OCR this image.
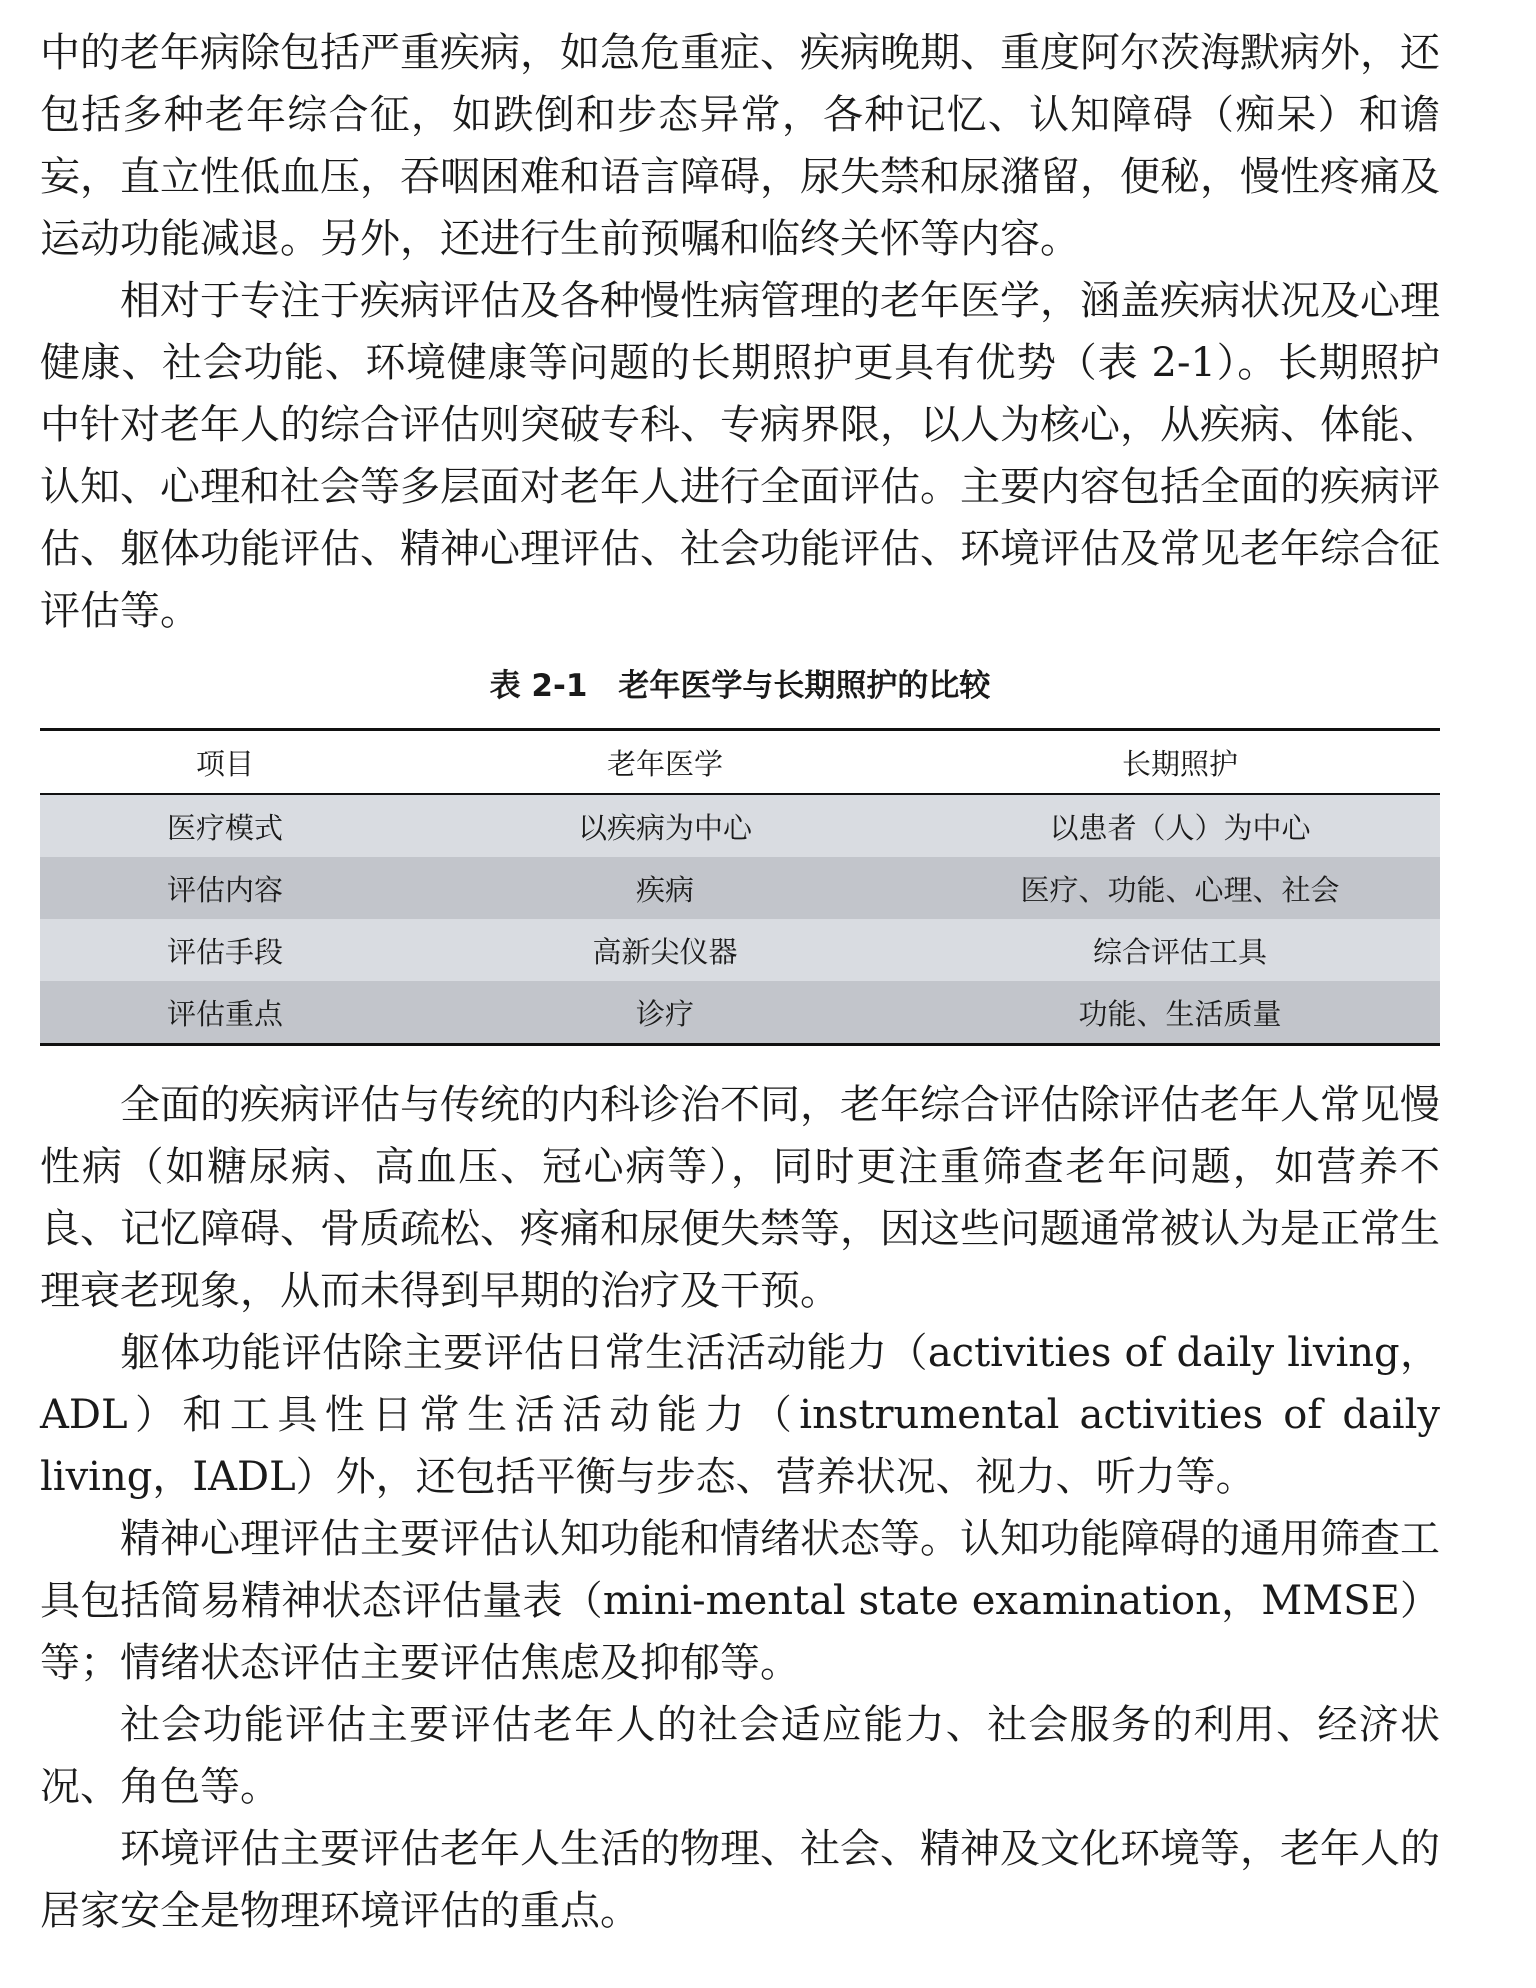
中的老年病除包括严重疾病，如急危重症、疾病晚期、重度阿尔茨海默病外，还包括多种老年综合征，如跌倒和步态异常，各种记忆、认知障碍（痴呆）和谵妄，直立性低血压，吞咽困难和语言障碍，尿失禁和尿潴留，便秘，慢性疼痛及运动功能减退。另外，还进行生前预嘱和临终关怀等内容。

相对于专注于疾病评估及各种慢性病管理的老年医学，涵盖疾病状况及心理健康、社会功能、环境健康等问题的长期照护更具有优势（表 2-1）。长期照护中针对老年人的综合评估则突破专科、专病界限，以人为核心，从疾病、体能、认知、心理和社会等多层面对老年人进行全面评估。主要内容包括全面的疾病评估、躯体功能评估、精神心理评估、社会功能评估、环境评估及常见老年综合征评估等。

表 2-1　老年医学与长期照护的比较

项目	老年医学	长期照护
医疗模式	以疾病为中心	以患者（人）为中心
评估内容	疾病	医疗、功能、心理、社会
评估手段	高新尖仪器	综合评估工具
评估重点	诊疗	功能、生活质量

全面的疾病评估与传统的内科诊治不同，老年综合评估除评估老年人常见慢性病（如糖尿病、高血压、冠心病等），同时更注重筛查老年问题，如营养不良、记忆障碍、骨质疏松、疼痛和尿便失禁等，因这些问题通常被认为是正常生理衰老现象，从而未得到早期的治疗及干预。

躯体功能评估除主要评估日常生活活动能力（activities of daily living，ADL）和工具性日常生活活动能力（instrumental activities of daily living，IADL）外，还包括平衡与步态、营养状况、视力、听力等。

精神心理评估主要评估认知功能和情绪状态等。认知功能障碍的通用筛查工具包括简易精神状态评估量表（mini-mental state examination，MMSE）等；情绪状态评估主要评估焦虑及抑郁等。

社会功能评估主要评估老年人的社会适应能力、社会服务的利用、经济状况、角色等。

环境评估主要评估老年人生活的物理、社会、精神及文化环境等，老年人的居家安全是物理环境评估的重点。
